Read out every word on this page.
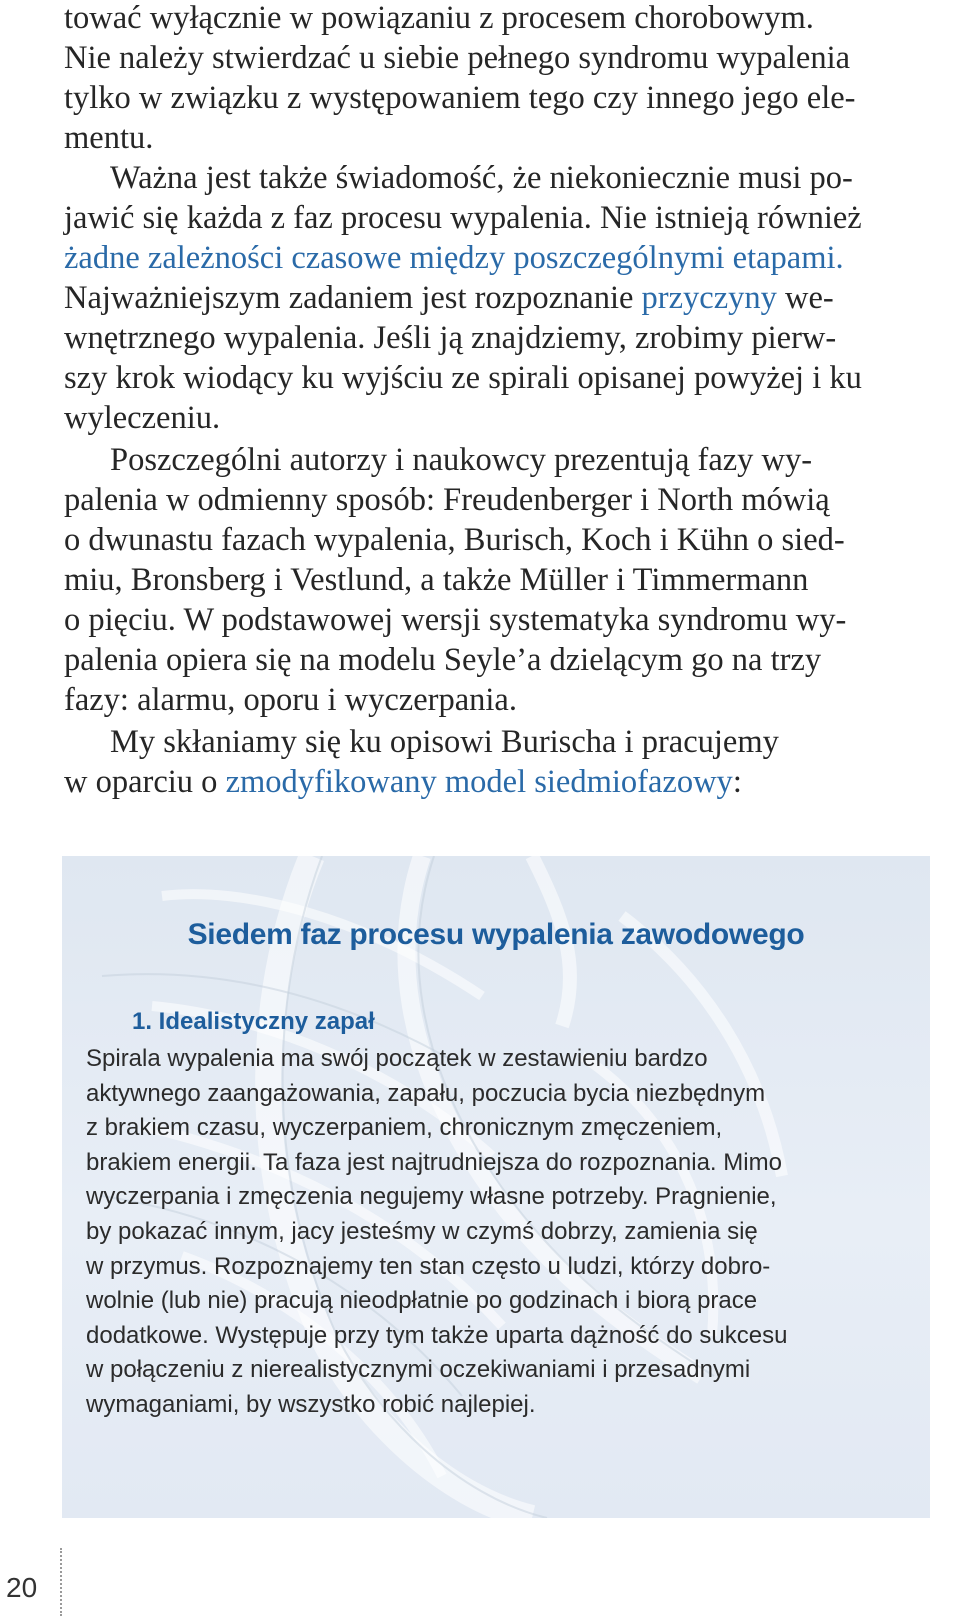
tować wyłącznie w powiązaniu z procesem chorobowym.
Nie należy stwierdzać u siebie pełnego syndromu wypalenia
tylko w związku z występowaniem tego czy innego jego ele-
mentu.
Ważna jest także świadomość, że niekoniecznie musi po-
jawić się każda z faz procesu wypalenia. Nie istnieją również
żadne zależności czasowe między poszczególnymi etapami.
Najważniejszym zadaniem jest rozpoznanie przyczyny we-
wnętrznego wypalenia. Jeśli ją znajdziemy, zrobimy pierw-
szy krok wiodący ku wyjściu ze spirali opisanej powyżej i ku
wyleczeniu.
Poszczególni autorzy i naukowcy prezentują fazy wy-
palenia w odmienny sposób: Freudenberger i North mówią
o dwunastu fazach wypalenia, Burisch, Koch i Kühn o sied-
miu, Bronsberg i Vestlund, a także Müller i Timmermann
o pięciu. W podstawowej wersji systematyka syndromu wy-
palenia opiera się na modelu Seyle’a dzielącym go na trzy
fazy: alarmu, oporu i wyczerpania.
My skłaniamy się ku opisowi Burischa i pracujemy
w oparciu o zmodyfikowany model siedmiofazowy:
Siedem faz procesu wypalenia zawodowego
1. Idealistyczny zapał
Spirala wypalenia ma swój początek w zestawieniu bardzo
aktywnego zaangażowania, zapału, poczucia bycia niezbędnym
z brakiem czasu, wyczerpaniem, chronicznym zmęczeniem,
brakiem energii. Ta faza jest najtrudniejsza do rozpoznania. Mimo
wyczerpania i zmęczenia negujemy własne potrzeby. Pragnienie,
by pokazać innym, jacy jesteśmy w czymś dobrzy, zamienia się
w przymus. Rozpoznajemy ten stan często u ludzi, którzy dobro-
wolnie (lub nie) pracują nieodpłatnie po godzinach i biorą prace
dodatkowe. Występuje przy tym także uparta dążność do sukcesu
w połączeniu z nierealistycznymi oczekiwaniami i przesadnymi
wymaganiami, by wszystko robić najlepiej.
20
